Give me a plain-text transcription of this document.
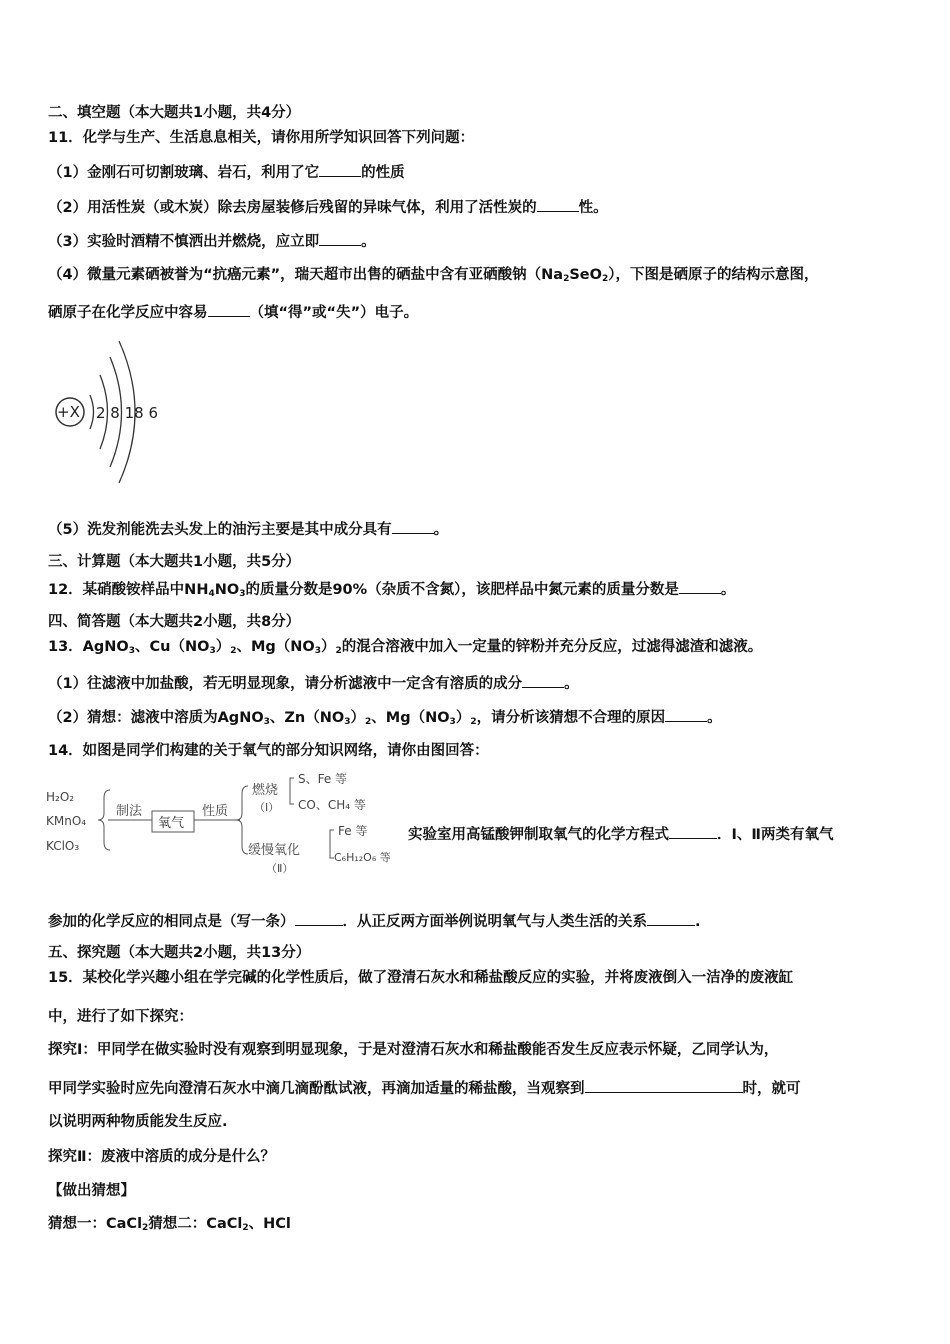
二、填空题（本大题共1小题，共4分）
11．化学与生产、生活息息相关，请你用所学知识回答下列问题：
（1）金刚石可切割玻璃、岩石，利用了它	的性质
（2）用活性炭（或木炭）除去房屋装修后残留的异味气体，利用了活性炭的	性。
（3）实验时酒精不慎洒出并燃烧，应立即	。
（4）微量元素硒被誉为“抗癌元素”，瑞天超市出售的硒盐中含有亚硒酸钠$(Na_2SeO_2)$，下图是硒原子的结构示意图，
硒原子在化学反应中容易	（填“得”或“失”）电子。
+X 2 8 18 6
（5）洗发剂能洗去头发上的油污主要是其中成分具有	。
三、计算题（本大题共1小题，共5分）
12．某硝酸铵样品中$NH_4NO_3$的质量分数是90%（杂质不含氮），该肥样品中氮元素的质量分数是	。
四、简答题（本大题共2小题，共8分）
13．AgNO$_3$、$Cu(NO_3)_2$、$Mg(NO_3)_2$的混合溶液中加入一定量的锌粉并充分反应，过滤得滤渣和滤液。
（1）往滤液中加盐酸，若无明显现象，请分析滤液中一定含有溶质的成分	。
（2）猜想：滤液中溶质为AgNO$_3$、$Zn(NO_3)_2$、$Mg(NO_3)_2$，请分析该猜想不合理的原因	。
14．如图是同学们构建的关于氧气的部分知识网络，请你由图回答：
H₂O₂
KMnO₄
KClO₃
制法
氧气
性质
燃烧
（Ⅰ）
S、Fe 等
CO、CH₄ 等
缓慢氧化
（Ⅱ）
Fe 等
C₆H₁₂O₆ 等
实验室用高锰酸钾制取氧气的化学方程式	．Ⅰ、Ⅱ两类有氧气
参加的化学反应的相同点是（写一条）	．从正反两方面举例说明氧气与人类生活的关系	.
五、探究题（本大题共2小题，共13分）
15．某校化学兴趣小组在学完碱的化学性质后，做了澄清石灰水和稀盐酸反应的实验，并将废液倒入一洁净的废液缸
中，进行了如下探究：
探究Ⅰ：甲同学在做实验时没有观察到明显现象，于是对澄清石灰水和稀盐酸能否发生反应表示怀疑，乙同学认为，
甲同学实验时应先向澄清石灰水中滴几滴酚酞试液，再滴加适量的稀盐酸，当观察到	时，就可
以说明两种物质能发生反应.
探究Ⅱ：废液中溶质的成分是什么？
【做出猜想】
猜想一：CaCl$_2$猜想二：CaCl$_2$、HCl
